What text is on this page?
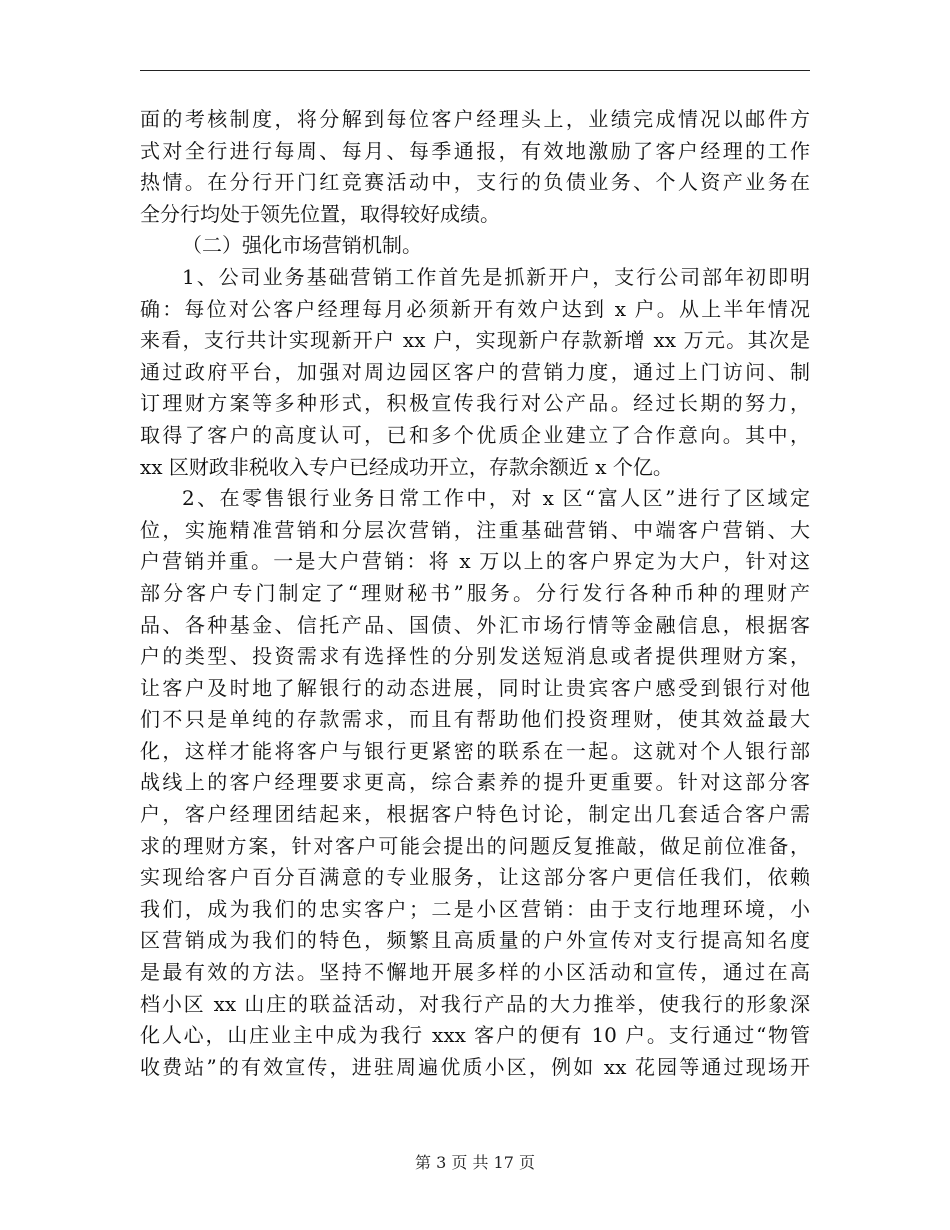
面的考核制度，将分解到每位客户经理头上，业绩完成情况以邮件方
式对全行进行每周、每月、每季通报，有效地激励了客户经理的工作
热情。在分行开门红竞赛活动中，支行的负债业务、个人资产业务在
全分行均处于领先位置，取得较好成绩。
（二）强化市场营销机制。
1、公司业务基础营销工作首先是抓新开户，支行公司部年初即明
确：每位对公客户经理每月必须新开有效户达到 x 户。从上半年情况
来看，支行共计实现新开户 xx 户，实现新户存款新增 xx 万元。其次是
通过政府平台，加强对周边园区客户的营销力度，通过上门访问、制
订理财方案等多种形式，积极宣传我行对公产品。经过长期的努力，
取得了客户的高度认可，已和多个优质企业建立了合作意向。其中，
xx 区财政非税收入专户已经成功开立，存款余额近 x 个亿。
2、在零售银行业务日常工作中，对 x 区“富人区”进行了区域定
位，实施精准营销和分层次营销，注重基础营销、中端客户营销、大
户营销并重。一是大户营销：将 x 万以上的客户界定为大户，针对这
部分客户专门制定了“理财秘书”服务。分行发行各种币种的理财产
品、各种基金、信托产品、国债、外汇市场行情等金融信息，根据客
户的类型、投资需求有选择性的分别发送短消息或者提供理财方案，
让客户及时地了解银行的动态进展，同时让贵宾客户感受到银行对他
们不只是单纯的存款需求，而且有帮助他们投资理财，使其效益最大
化，这样才能将客户与银行更紧密的联系在一起。这就对个人银行部
战线上的客户经理要求更高，综合素养的提升更重要。针对这部分客
户，客户经理团结起来，根据客户特色讨论，制定出几套适合客户需
求的理财方案，针对客户可能会提出的问题反复推敲，做足前位准备，
实现给客户百分百满意的专业服务，让这部分客户更信任我们，依赖
我们，成为我们的忠实客户；二是小区营销：由于支行地理环境，小
区营销成为我们的特色，频繁且高质量的户外宣传对支行提高知名度
是最有效的方法。坚持不懈地开展多样的小区活动和宣传，通过在高
档小区 xx 山庄的联益活动，对我行产品的大力推举，使我行的形象深
化人心，山庄业主中成为我行 xxx 客户的便有 10 户。支行通过“物管
收费站”的有效宣传，进驻周遍优质小区，例如 xx 花园等通过现场开
第 3 页 共 17 页
